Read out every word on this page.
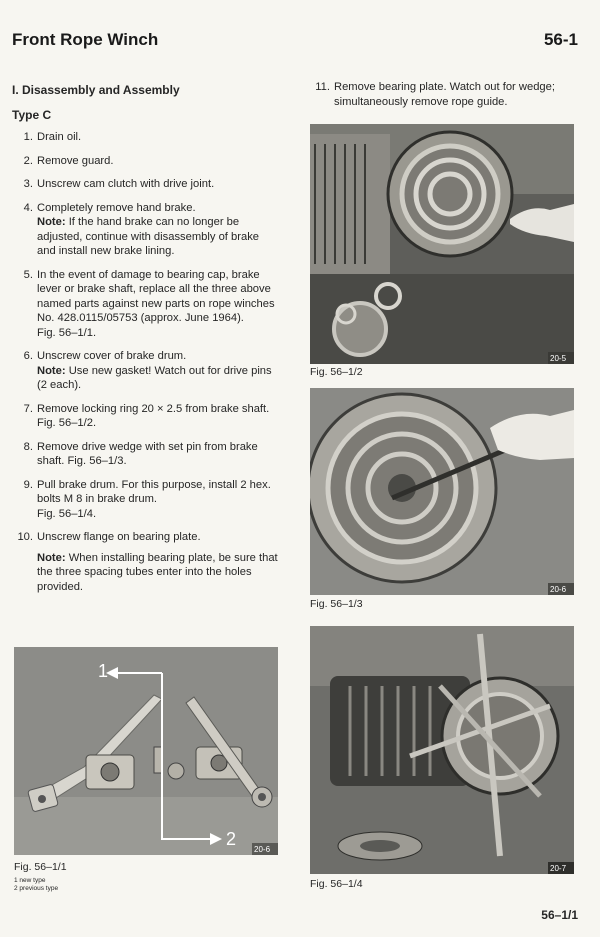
Front Rope Winch	56-1
I. Disassembly and Assembly
Type C
1. Drain oil.
2. Remove guard.
3. Unscrew cam clutch with drive joint.
4. Completely remove hand brake.
Note: If the hand brake can no longer be adjusted, continue with disassembly of brake and install new brake lining.
5. In the event of damage to bearing cap, brake lever or brake shaft, replace all the three above named parts against new parts on rope winches No. 428.0115/05753 (approx. June 1964).
Fig. 56–1/1.
6. Unscrew cover of brake drum.
Note: Use new gasket! Watch out for drive pins (2 each).
7. Remove locking ring 20 × 2.5 from brake shaft. Fig. 56–1/2.
8. Remove drive wedge with set pin from brake shaft. Fig. 56–1/3.
9. Pull brake drum. For this purpose, install 2 hex. bolts M 8 in brake drum.
Fig. 56–1/4.
10. Unscrew flange on bearing plate.

Note: When installing bearing plate, be sure that the three spacing tubes enter into the holes provided.
11. Remove bearing plate. Watch out for wedge; simultaneously remove rope guide.
1
2
20-6
Fig. 56–1/1
1 new type
2 previous type
20-5
Fig. 56–1/2
20-6
Fig. 56–1/3
20-7
Fig. 56–1/4
56–1/1
